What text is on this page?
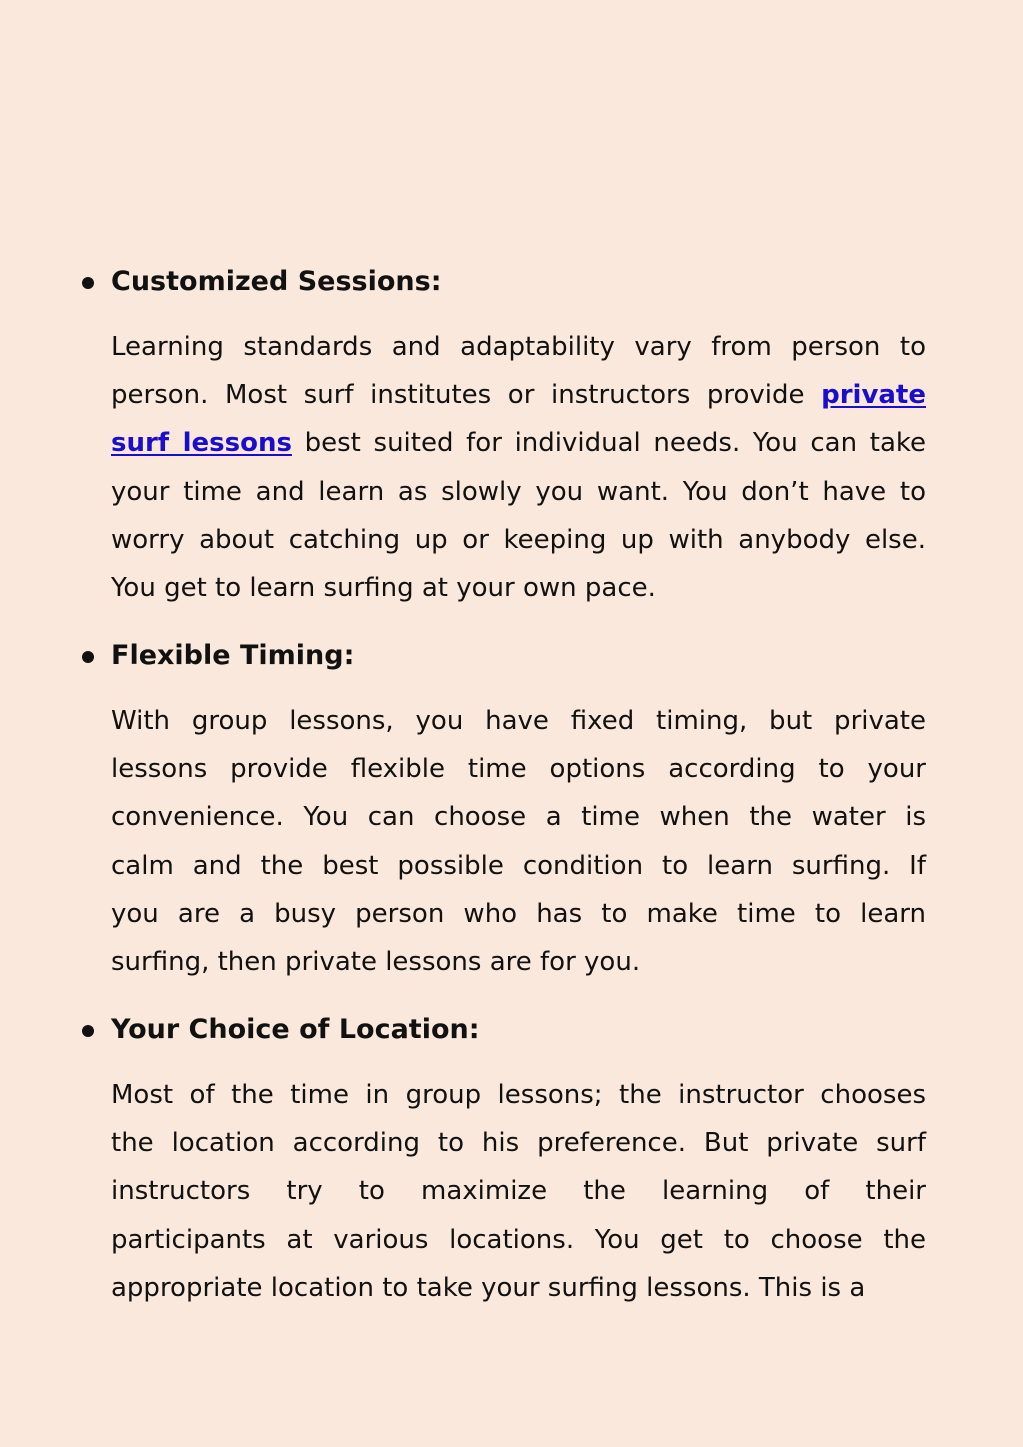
Customized Sessions:
Learning standards and adaptability vary from person to
person. Most surf institutes or instructors provide private
surf lessons best suited for individual needs. You can take
your time and learn as slowly you want. You don’t have to
worry about catching up or keeping up with anybody else.
You get to learn surfing at your own pace.
Flexible Timing:
With group lessons, you have fixed timing, but private
lessons provide flexible time options according to your
convenience. You can choose a time when the water is
calm and the best possible condition to learn surfing. If
you are a busy person who has to make time to learn
surfing, then private lessons are for you.
Your Choice of Location:
Most of the time in group lessons; the instructor chooses
the location according to his preference. But private surf
instructors try to maximize the learning of their
participants at various locations. You get to choose the
appropriate location to take your surfing lessons. This is a
